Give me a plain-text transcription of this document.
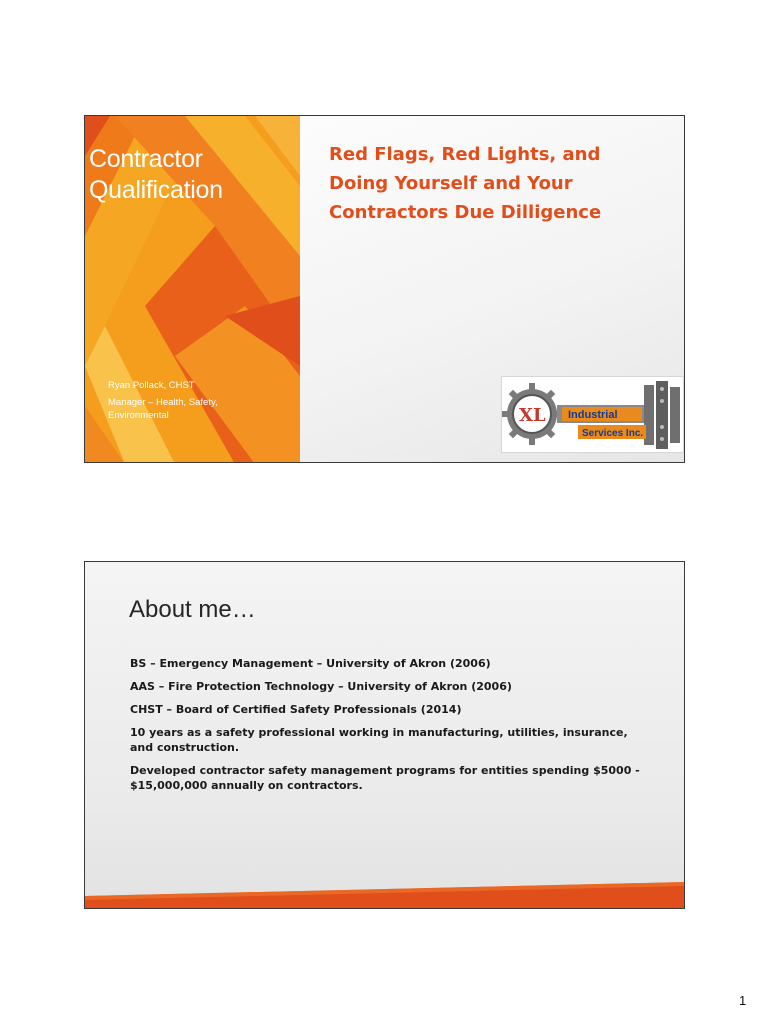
Contractor
Qualification
Ryan Pollack, CHST
Manager – Health, Safety, Environmental
Red Flags, Red Lights, and Doing Yourself and Your Contractors Due Dilligence
XL Industrial
Services Inc.
About me…
BS – Emergency Management – University of Akron (2006)
AAS – Fire Protection Technology – University of Akron (2006)
CHST – Board of Certified Safety Professionals (2014)
10 years as a safety professional working in manufacturing, utilities, insurance, and construction.
Developed contractor safety management programs for entities spending $5000 - $15,000,000 annually on contractors.
1
